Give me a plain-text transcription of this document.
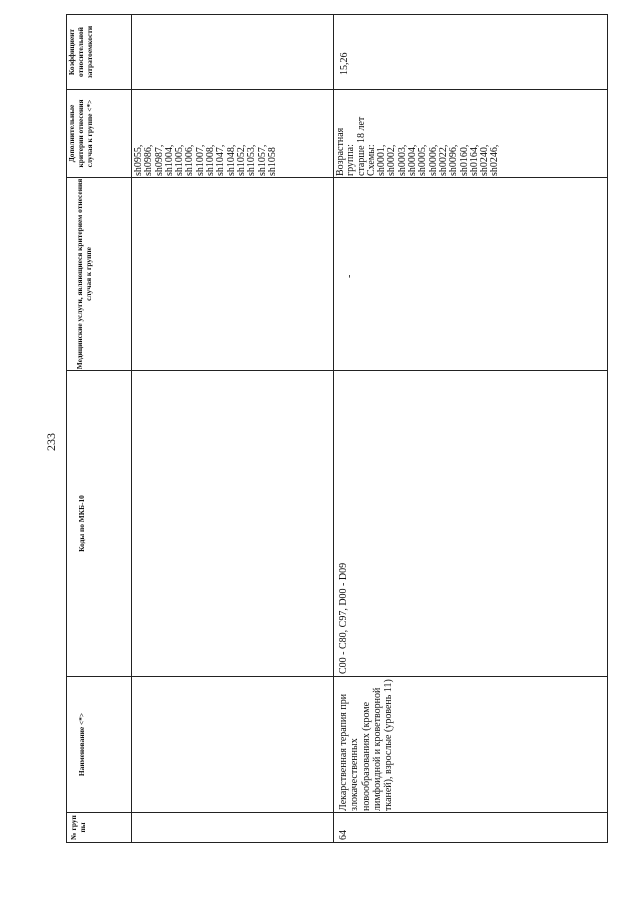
233
Коэффициент относительной затратоемкости
Дополнительные критерии отнесения случая к группе <*>
Медицинские услуги, являющиеся критерием отнесения случая к группе
Коды по МКБ-10
Наименование <*>
№ груп пы
sh0955, sh0986, sh0987, sh1004, sh1005, sh1006, sh1007, sh1008, sh1047, sh1048, sh1052, sh1053, sh1057, sh1058
15,26
Возрастная группа: старше 18 лет Схемы: sh0001, sh0002, sh0003, sh0004, sh0005, sh0006, sh0022, sh0096, sh0160, sh0164, sh0240, sh0246,
-
C00 - C80, C97, D00 - D09
Лекарственная терапия при злокачественных новообразованиях (кроме лимфоидной и кроветворной тканей), взрослые (уровень 11)
64
